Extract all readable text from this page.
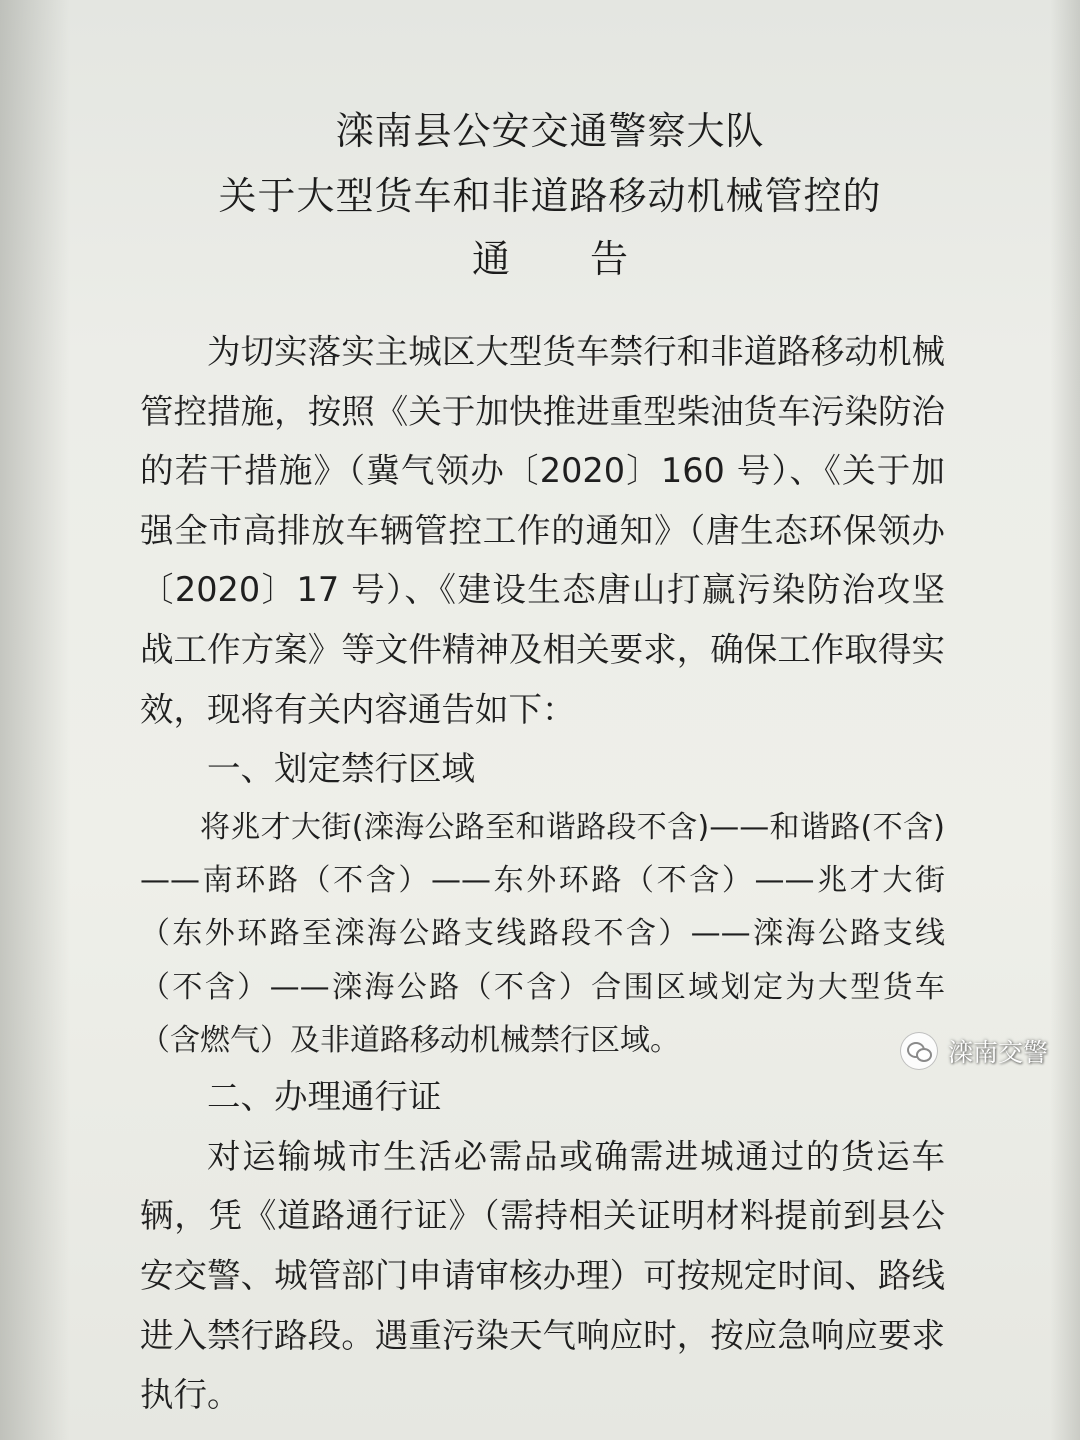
滦南县公安交通警察大队
关于大型货车和非道路移动机械管控的
通告

为切实落实主城区大型货车禁行和非道路移动机械管控措施，按照《关于加快推进重型柴油货车污染防治的若干措施》（冀气领办〔2020〕160 号）、《关于加强全市高排放车辆管控工作的通知》（唐生态环保领办〔2020〕17 号）、《建设生态唐山打赢污染防治攻坚战工作方案》等文件精神及相关要求，确保工作取得实效，现将有关内容通告如下：

一、划定禁行区域

将兆才大街(滦海公路至和谐路段不含)——和谐路(不含)——南环路（不含）——东外环路（不含）——兆才大街（东外环路至滦海公路支线路段不含）——滦海公路支线（不含）——滦海公路（不含）合围区域划定为大型货车（含燃气）及非道路移动机械禁行区域。

二、办理通行证

对运输城市生活必需品或确需进城通过的货运车辆，凭《道路通行证》（需持相关证明材料提前到县公安交警、城管部门申请审核办理）可按规定时间、路线进入禁行路段。遇重污染天气响应时，按应急响应要求执行。

滦南交警
